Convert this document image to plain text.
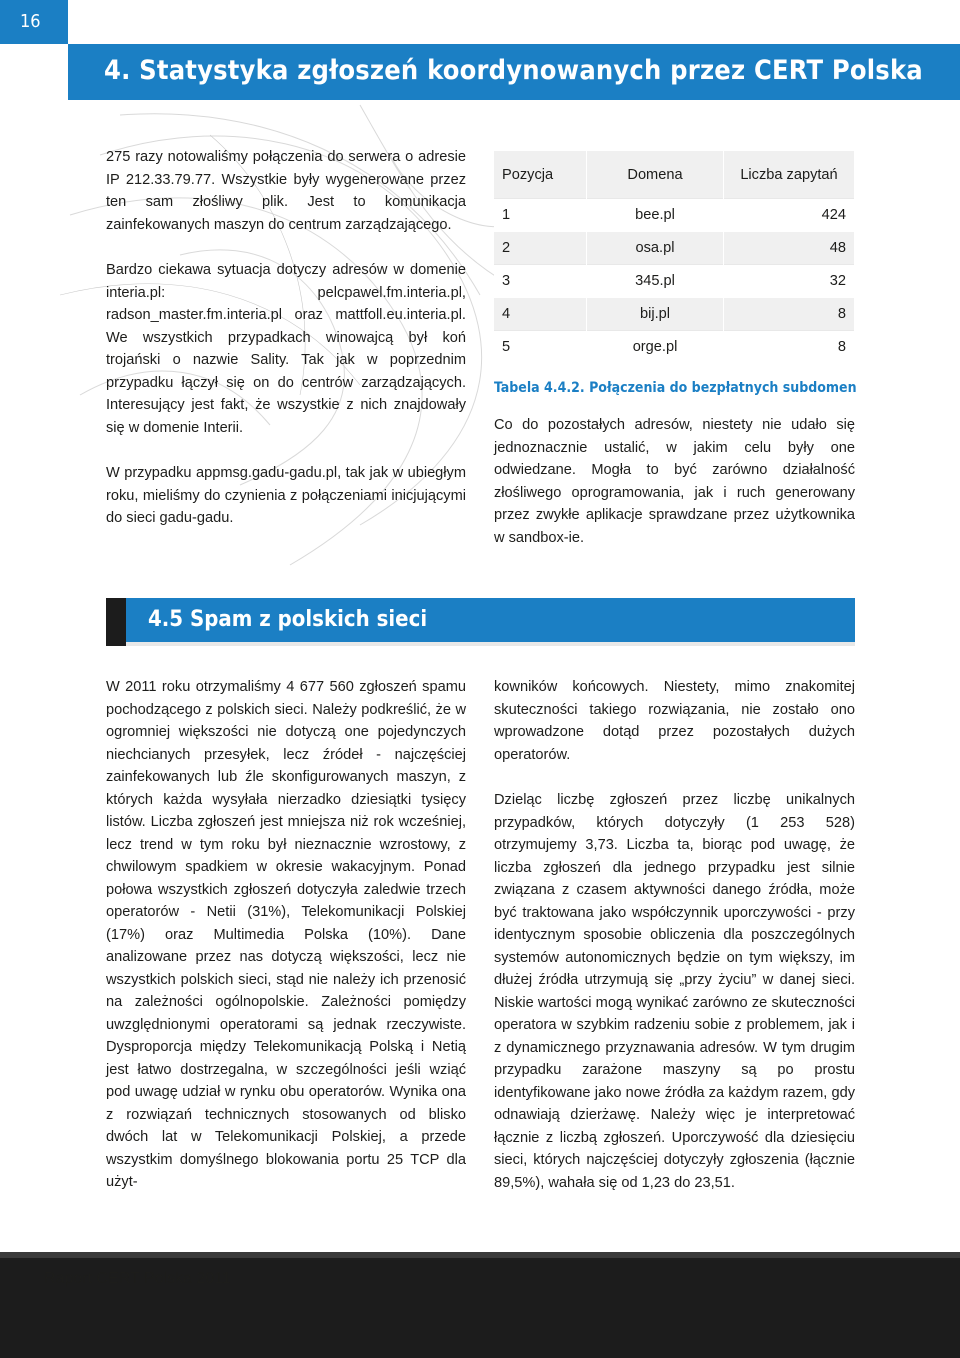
16
4. Statystyka zgłoszeń koordynowanych przez CERT Polska

275 razy notowaliśmy połączenia do serwera o adresie IP 212.33.79.77. Wszystkie były wygenerowane przez ten sam złośliwy plik. Jest to komunikacja zainfekowanych maszyn do centrum zarządzającego.

Bardzo ciekawa sytuacja dotyczy adresów w domenie interia.pl: pelcpawel.fm.interia.pl, radson_master.fm.interia.pl oraz mattfoll.eu.interia.pl. We wszystkich przypadkach winowajcą był koń trojański o nazwie Sality. Tak jak w poprzednim przypadku łączył się on do centrów zarządzających. Interesujący jest fakt, że wszystkie z nich znajdowały się w domenie Interii.

W przypadku appmsg.gadu-gadu.pl, tak jak w ubiegłym roku, mieliśmy do czynienia z połączeniami inicjującymi do sieci gadu-gadu.

Pozycja	Domena	Liczba zapytań
1	bee.pl	424
2	osa.pl	48
3	345.pl	32
4	bij.pl	8
5	orge.pl	8
Tabela 4.4.2. Połączenia do bezpłatnych subdomen

Co do pozostałych adresów, niestety nie udało się jednoznacznie ustalić, w jakim celu były one odwiedzane. Mogła to być zarówno działalność złośliwego oprogramowania, jak i ruch generowany przez zwykłe aplikacje sprawdzane przez użytkownika w sandbox-ie.

4.5 Spam z polskich sieci

W 2011 roku otrzymaliśmy 4 677 560 zgłoszeń spamu pochodzącego z polskich sieci. Należy podkreślić, że w ogromniej większości nie dotyczą one pojedynczych niechcianych przesyłek, lecz źródeł - najczęściej zainfekowanych lub źle skonfigurowanych maszyn, z których każda wysyłała nierzadko dziesiątki tysięcy listów. Liczba zgłoszeń jest mniejsza niż rok wcześniej, lecz trend w tym roku był nieznacznie wzrostowy, z chwilowym spadkiem w okresie wakacyjnym. Ponad połowa wszystkich zgłoszeń dotyczyła zaledwie trzech operatorów - Netii (31%), Telekomunikacji Polskiej (17%) oraz Multimedia Polska (10%). Dane analizowane przez nas dotyczą większości, lecz nie wszystkich polskich sieci, stąd nie należy ich przenosić na zależności ogólnopolskie. Zależności pomiędzy uwzględnionymi operatorami są jednak rzeczywiste. Dysproporcja między Telekomunikacją Polską i Netią jest łatwo dostrzegalna, w szczególności jeśli wziąć pod uwagę udział w rynku obu operatorów. Wynika ona z rozwiązań technicznych stosowanych od blisko dwóch lat w Telekomunikacji Polskiej, a przede wszystkim domyślnego blokowania portu 25 TCP dla użyt-

kowników końcowych. Niestety, mimo znakomitej skuteczności takiego rozwiązania, nie zostało ono wprowadzone dotąd przez pozostałych dużych operatorów.

Dzieląc liczbę zgłoszeń przez liczbę unikalnych przypadków, których dotyczyły (1 253 528) otrzymujemy 3,73. Liczba ta, biorąc pod uwagę, że liczba zgłoszeń dla jednego przypadku jest silnie związana z czasem aktywności danego źródła, może być traktowana jako współczynnik uporczywości - przy identycznym sposobie obliczenia dla poszczególnych systemów autonomicznych będzie on tym większy, im dłużej źródła utrzymują się „przy życiu” w danej sieci. Niskie wartości mogą wynikać zarówno ze skuteczności operatora w szybkim radzeniu sobie z problemem, jak i z dynamicznego przyznawania adresów. W tym drugim przypadku zarażone maszyny są po prostu identyfikowane jako nowe źródła za każdym razem, gdy odnawiają dzierżawę. Należy więc je interpretować łącznie z liczbą zgłoszeń. Uporczywość dla dziesięciu sieci, których najczęściej dotyczyły zgłoszenia (łącznie 89,5%), wahała się od 1,23 do 23,51.

Raport CERT Polska 2011
